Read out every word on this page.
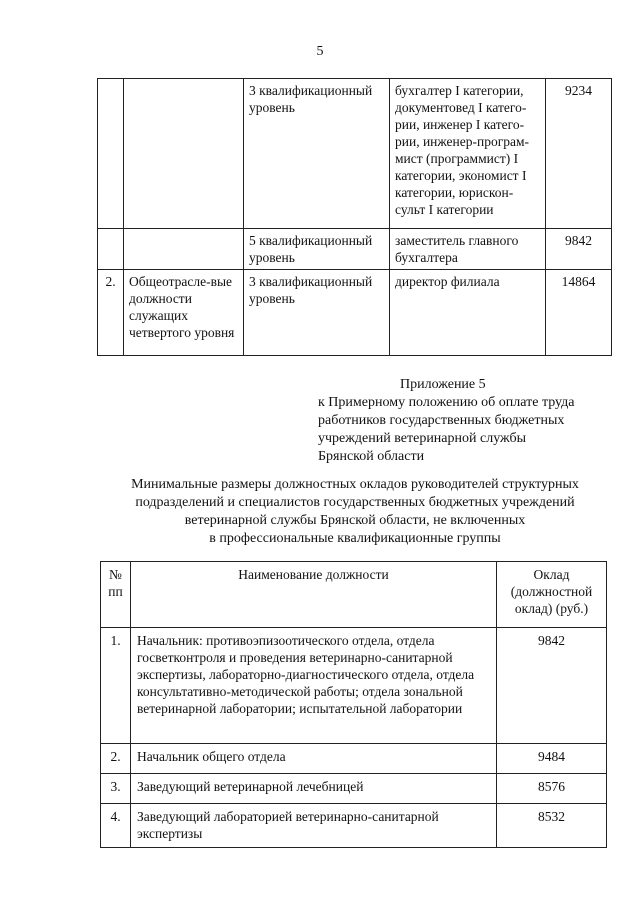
5
		3 квалификационный уровень	бухгалтер I категории, документовед I катего-рии, инженер I катего-рии, инженер-програм-мист (программист) I категории, экономист I категории, юрискон-сульт I категории	9234
		5 квалификационный уровень	заместитель главного бухгалтера	9842
2.	Общеотрасле-вые должности служащих четвертого уровня	3 квалификационный уровень	директор филиала	14864
Приложение 5
к Примерному положению об оплате труда
работников государственных бюджетных
учреждений ветеринарной службы
Брянской области
Минимальные размеры должностных окладов руководителей структурных
подразделений и специалистов государственных бюджетных учреждений
ветеринарной службы Брянской области, не включенных
в профессиональные квалификационные группы
№ пп	Наименование должности	Оклад (должностной оклад) (руб.)
1.	Начальник: противоэпизоотического отдела, отдела госветконтроля и проведения ветеринарно-санитарной экспертизы, лабораторно-диагностического отдела, отдела консультативно-методической работы; отдела зональной ветеринарной лаборатории; испытательной лаборатории	9842
2.	Начальник общего отдела	9484
3.	Заведующий ветеринарной лечебницей	8576
4.	Заведующий лабораторией ветеринарно-санитарной экспертизы	8532
